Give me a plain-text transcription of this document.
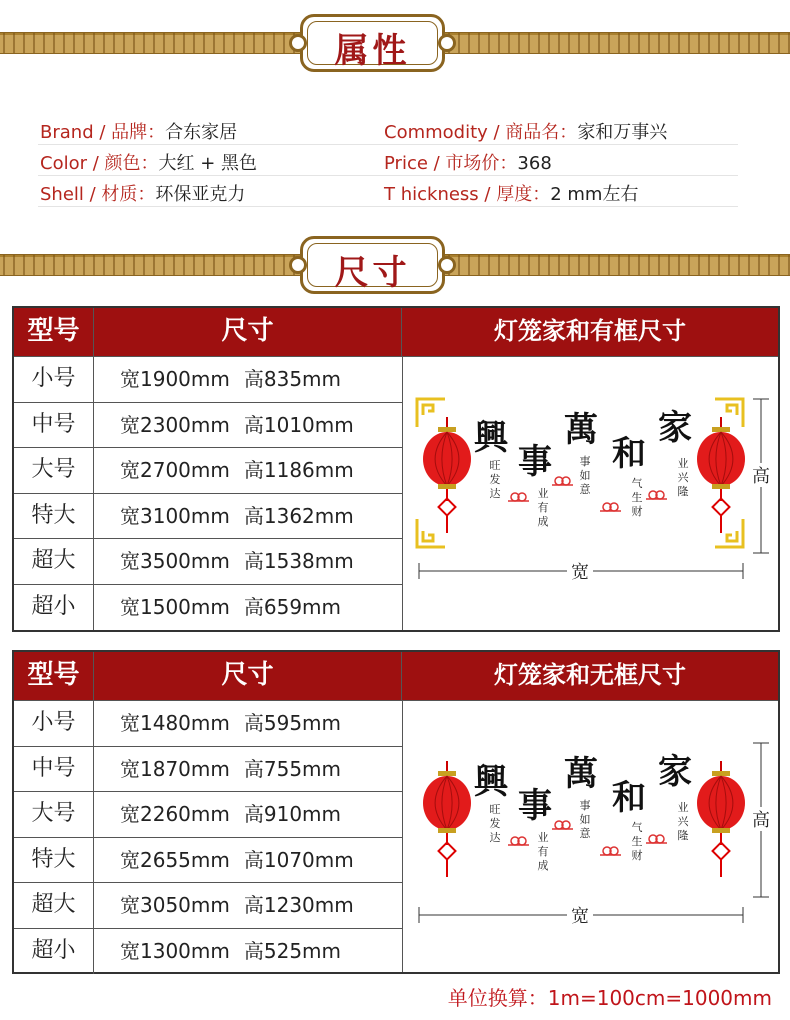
属性
Brand / 品牌：合东家居	Commodity / 商品名：家和万事兴
Color / 颜色：大红 + 黑色	Price / 市场价：368
Shell / 材质：环保亚克力	T hickness / 厚度：2 mm左右
尺寸
型号	尺寸	灯笼家和有框尺寸
小号	宽1900mm 高835mm
中号	宽2300mm 高1010mm
大号	宽2700mm 高1186mm
特大	宽3100mm 高1362mm
超大	宽3500mm 高1538mm
超小	宽1500mm 高659mm
興
事
萬
和
家
旺
发
达	业
有
成
事
如
意	气
生
财
业
兴
隆
宽
高
型号	尺寸	灯笼家和无框尺寸
小号	宽1480mm 高595mm
中号	宽1870mm 高755mm
大号	宽2260mm 高910mm
特大	宽2655mm 高1070mm
超大	宽3050mm 高1230mm
超小	宽1300mm 高525mm
興
事
萬
和
家
旺
发
达	业
有
成
事
如
意	气
生
财
业
兴
隆
宽
高
单位换算：1m=100cm=1000mm
